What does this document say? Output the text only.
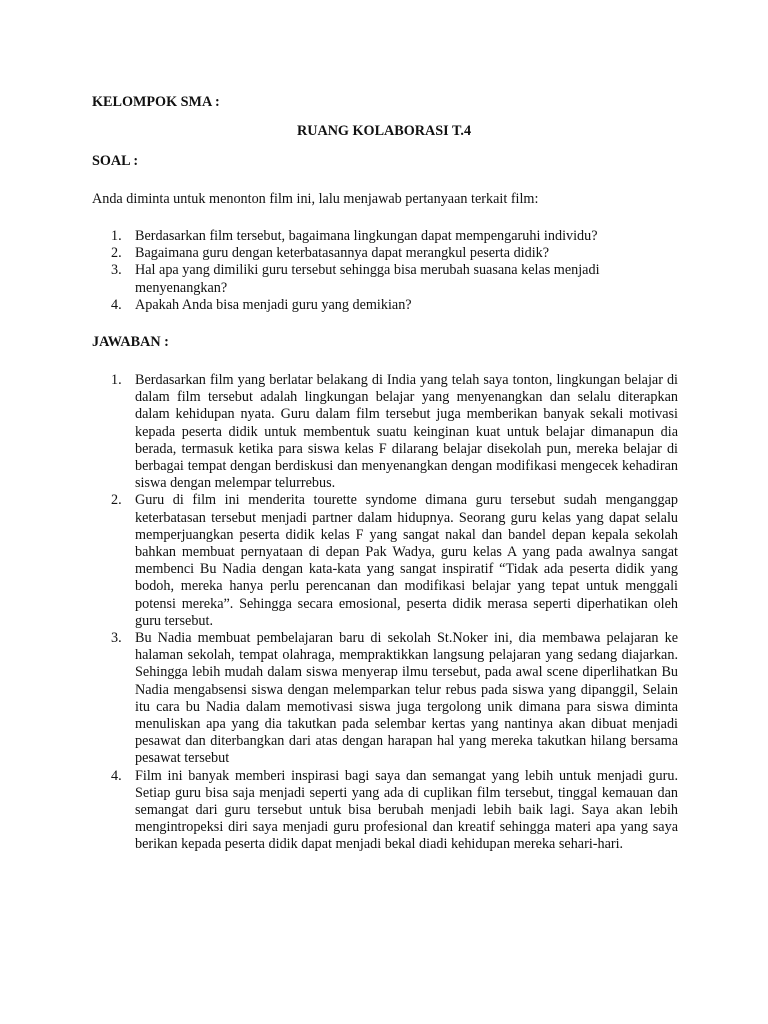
KELOMPOK SMA :
RUANG KOLABORASI T.4
SOAL :
Anda diminta untuk menonton film ini, lalu menjawab pertanyaan terkait film:
1. Berdasarkan film tersebut, bagaimana lingkungan dapat mempengaruhi individu?
2. Bagaimana guru dengan keterbatasannya dapat merangkul peserta didik?
3. Hal apa yang dimiliki guru tersebut sehingga bisa merubah suasana kelas menjadi menyenangkan?
4. Apakah Anda bisa menjadi guru yang demikian?
JAWABAN :
1. Berdasarkan film yang berlatar belakang di India yang telah saya tonton, lingkungan belajar di dalam film tersebut adalah lingkungan belajar yang menyenangkan dan selalu diterapkan dalam kehidupan nyata. Guru dalam film tersebut juga memberikan banyak sekali motivasi kepada peserta didik untuk membentuk suatu keinginan kuat untuk belajar dimanapun dia berada, termasuk ketika para siswa kelas F dilarang belajar disekolah pun, mereka belajar di berbagai tempat dengan berdiskusi dan menyenangkan dengan modifikasi mengecek kehadiran siswa dengan melempar telurrebus.

2. Guru di film ini menderita tourette syndome dimana guru tersebut sudah menganggap keterbatasan tersebut menjadi partner dalam hidupnya. Seorang guru kelas yang dapat selalu memperjuangkan peserta didik kelas F yang sangat nakal dan bandel depan kepala sekolah bahkan membuat pernyataan di depan Pak Wadya, guru kelas A yang pada awalnya sangat membenci Bu Nadia dengan kata-kata yang sangat inspiratif “Tidak ada peserta didik yang bodoh, mereka hanya perlu perencanan dan modifikasi belajar yang tepat untuk menggali potensi mereka”. Sehingga secara emosional, peserta didik merasa seperti diperhatikan oleh guru tersebut.

3. Bu Nadia membuat pembelajaran baru di sekolah St.Noker ini, dia membawa pelajaran ke halaman sekolah, tempat olahraga, mempraktikkan langsung pelajaran yang sedang diajarkan. Sehingga lebih mudah dalam siswa menyerap ilmu tersebut, pada awal scene diperlihatkan Bu Nadia mengabsensi siswa dengan melemparkan telur rebus pada siswa yang dipanggil, Selain itu cara bu Nadia dalam memotivasi siswa juga tergolong unik dimana para siswa diminta menuliskan apa yang dia takutkan pada selembar kertas yang nantinya akan dibuat menjadi pesawat dan diterbangkan dari atas dengan harapan hal yang mereka takutkan hilang bersama pesawat tersebut

4. Film ini banyak memberi inspirasi bagi saya dan semangat yang lebih untuk menjadi guru. Setiap guru bisa saja menjadi seperti yang ada di cuplikan film tersebut, tinggal kemauan dan semangat dari guru tersebut untuk bisa berubah menjadi lebih baik lagi. Saya akan lebih mengintropeksi diri saya menjadi guru profesional dan kreatif sehingga materi apa yang saya berikan kepada peserta didik dapat menjadi bekal diadi kehidupan mereka sehari-hari.
